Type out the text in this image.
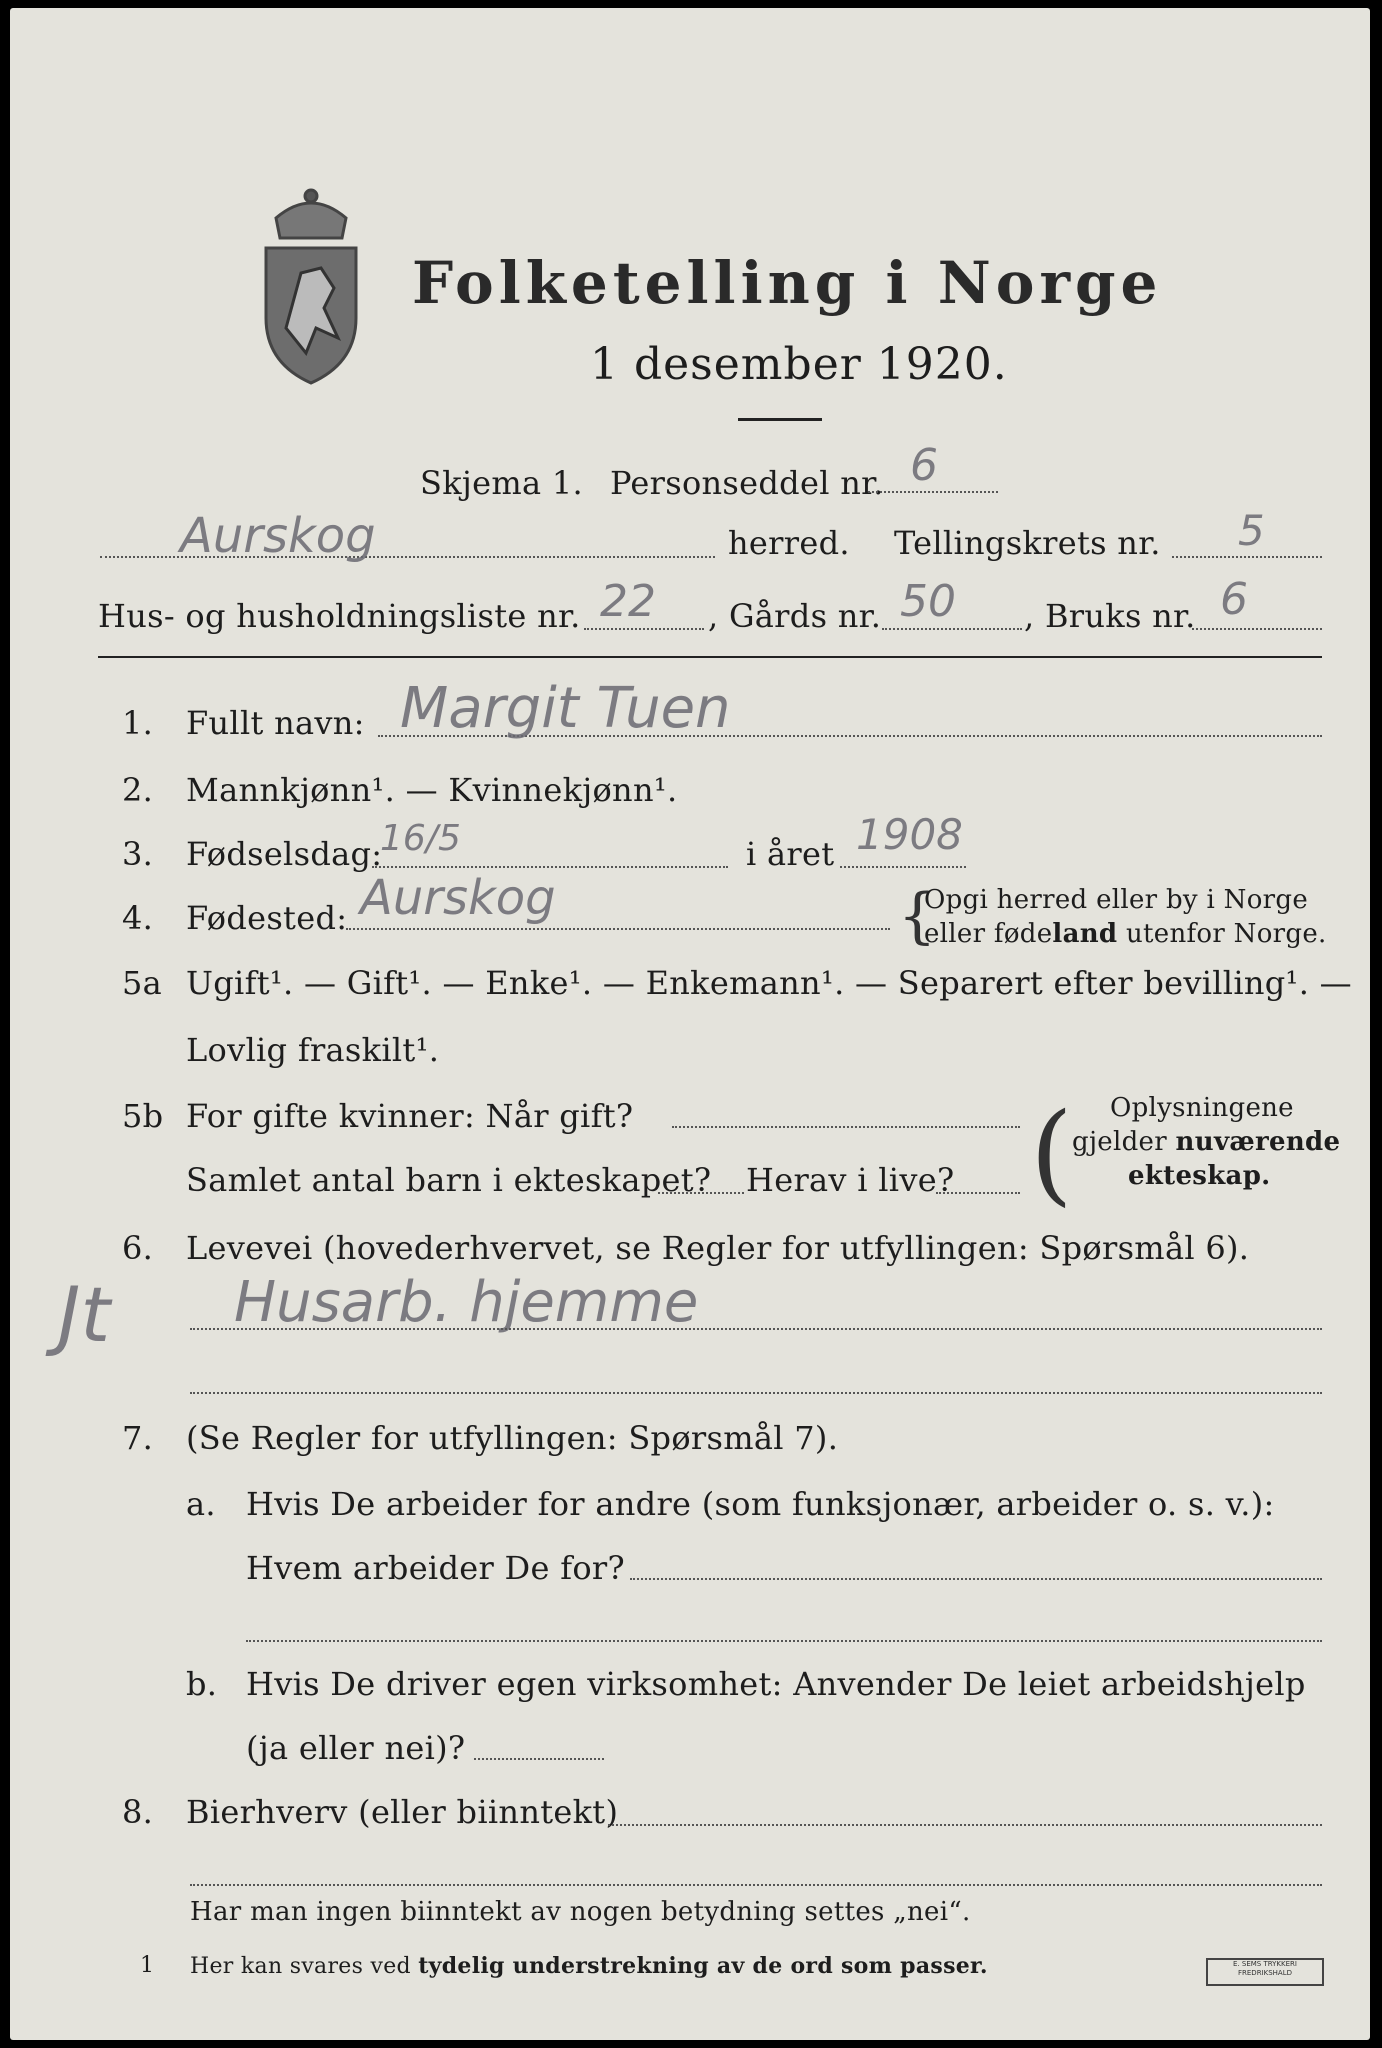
Folketelling i Norge
1 desember 1920.
Skjema 1. Personseddel nr. 6
Aurskog	herred. Tellingskrets nr. 5
Hus- og husholdningsliste nr. 22 , Gårds nr. 50 , Bruks nr. 6
1. Fullt navn: Margit Tuen
2. Mannkjønn¹. — Kvinnekjønn¹.
3. Fødselsdag:
16/5	i året 1908
4. Fødested: Aurskog	{
Opgi herred eller by i Norge
eller fødeland utenfor Norge.
5a Ugift¹. — Gift¹. — Enke¹. — Enkemann¹. — Separert efter bevilling¹. —
Lovlig fraskilt¹.
5b For gifte kvinner: Når gift?
Samlet antal barn i ekteskapet? Herav i live? ( Oplysningene
gjelder nuværende
ekteskap.
6. Levevei (hovederhvervet, se Regler for utfyllingen: Spørsmål 6).
Jt Husarb. hjemme
7. (Se Regler for utfyllingen: Spørsmål 7).
a. Hvis De arbeider for andre (som funksjonær, arbeider o. s. v.):
Hvem arbeider De for?
b. Hvis De driver egen virksomhet: Anvender De leiet arbeidshjelp
(ja eller nei)?
8. Bierhverv (eller biinntekt)
Har man ingen biinntekt av nogen betydning settes „nei“.
1 Her kan svares ved tydelig understrekning av de ord som passer.	E. SEMS TRYKKERI
FREDRIKSHALD
